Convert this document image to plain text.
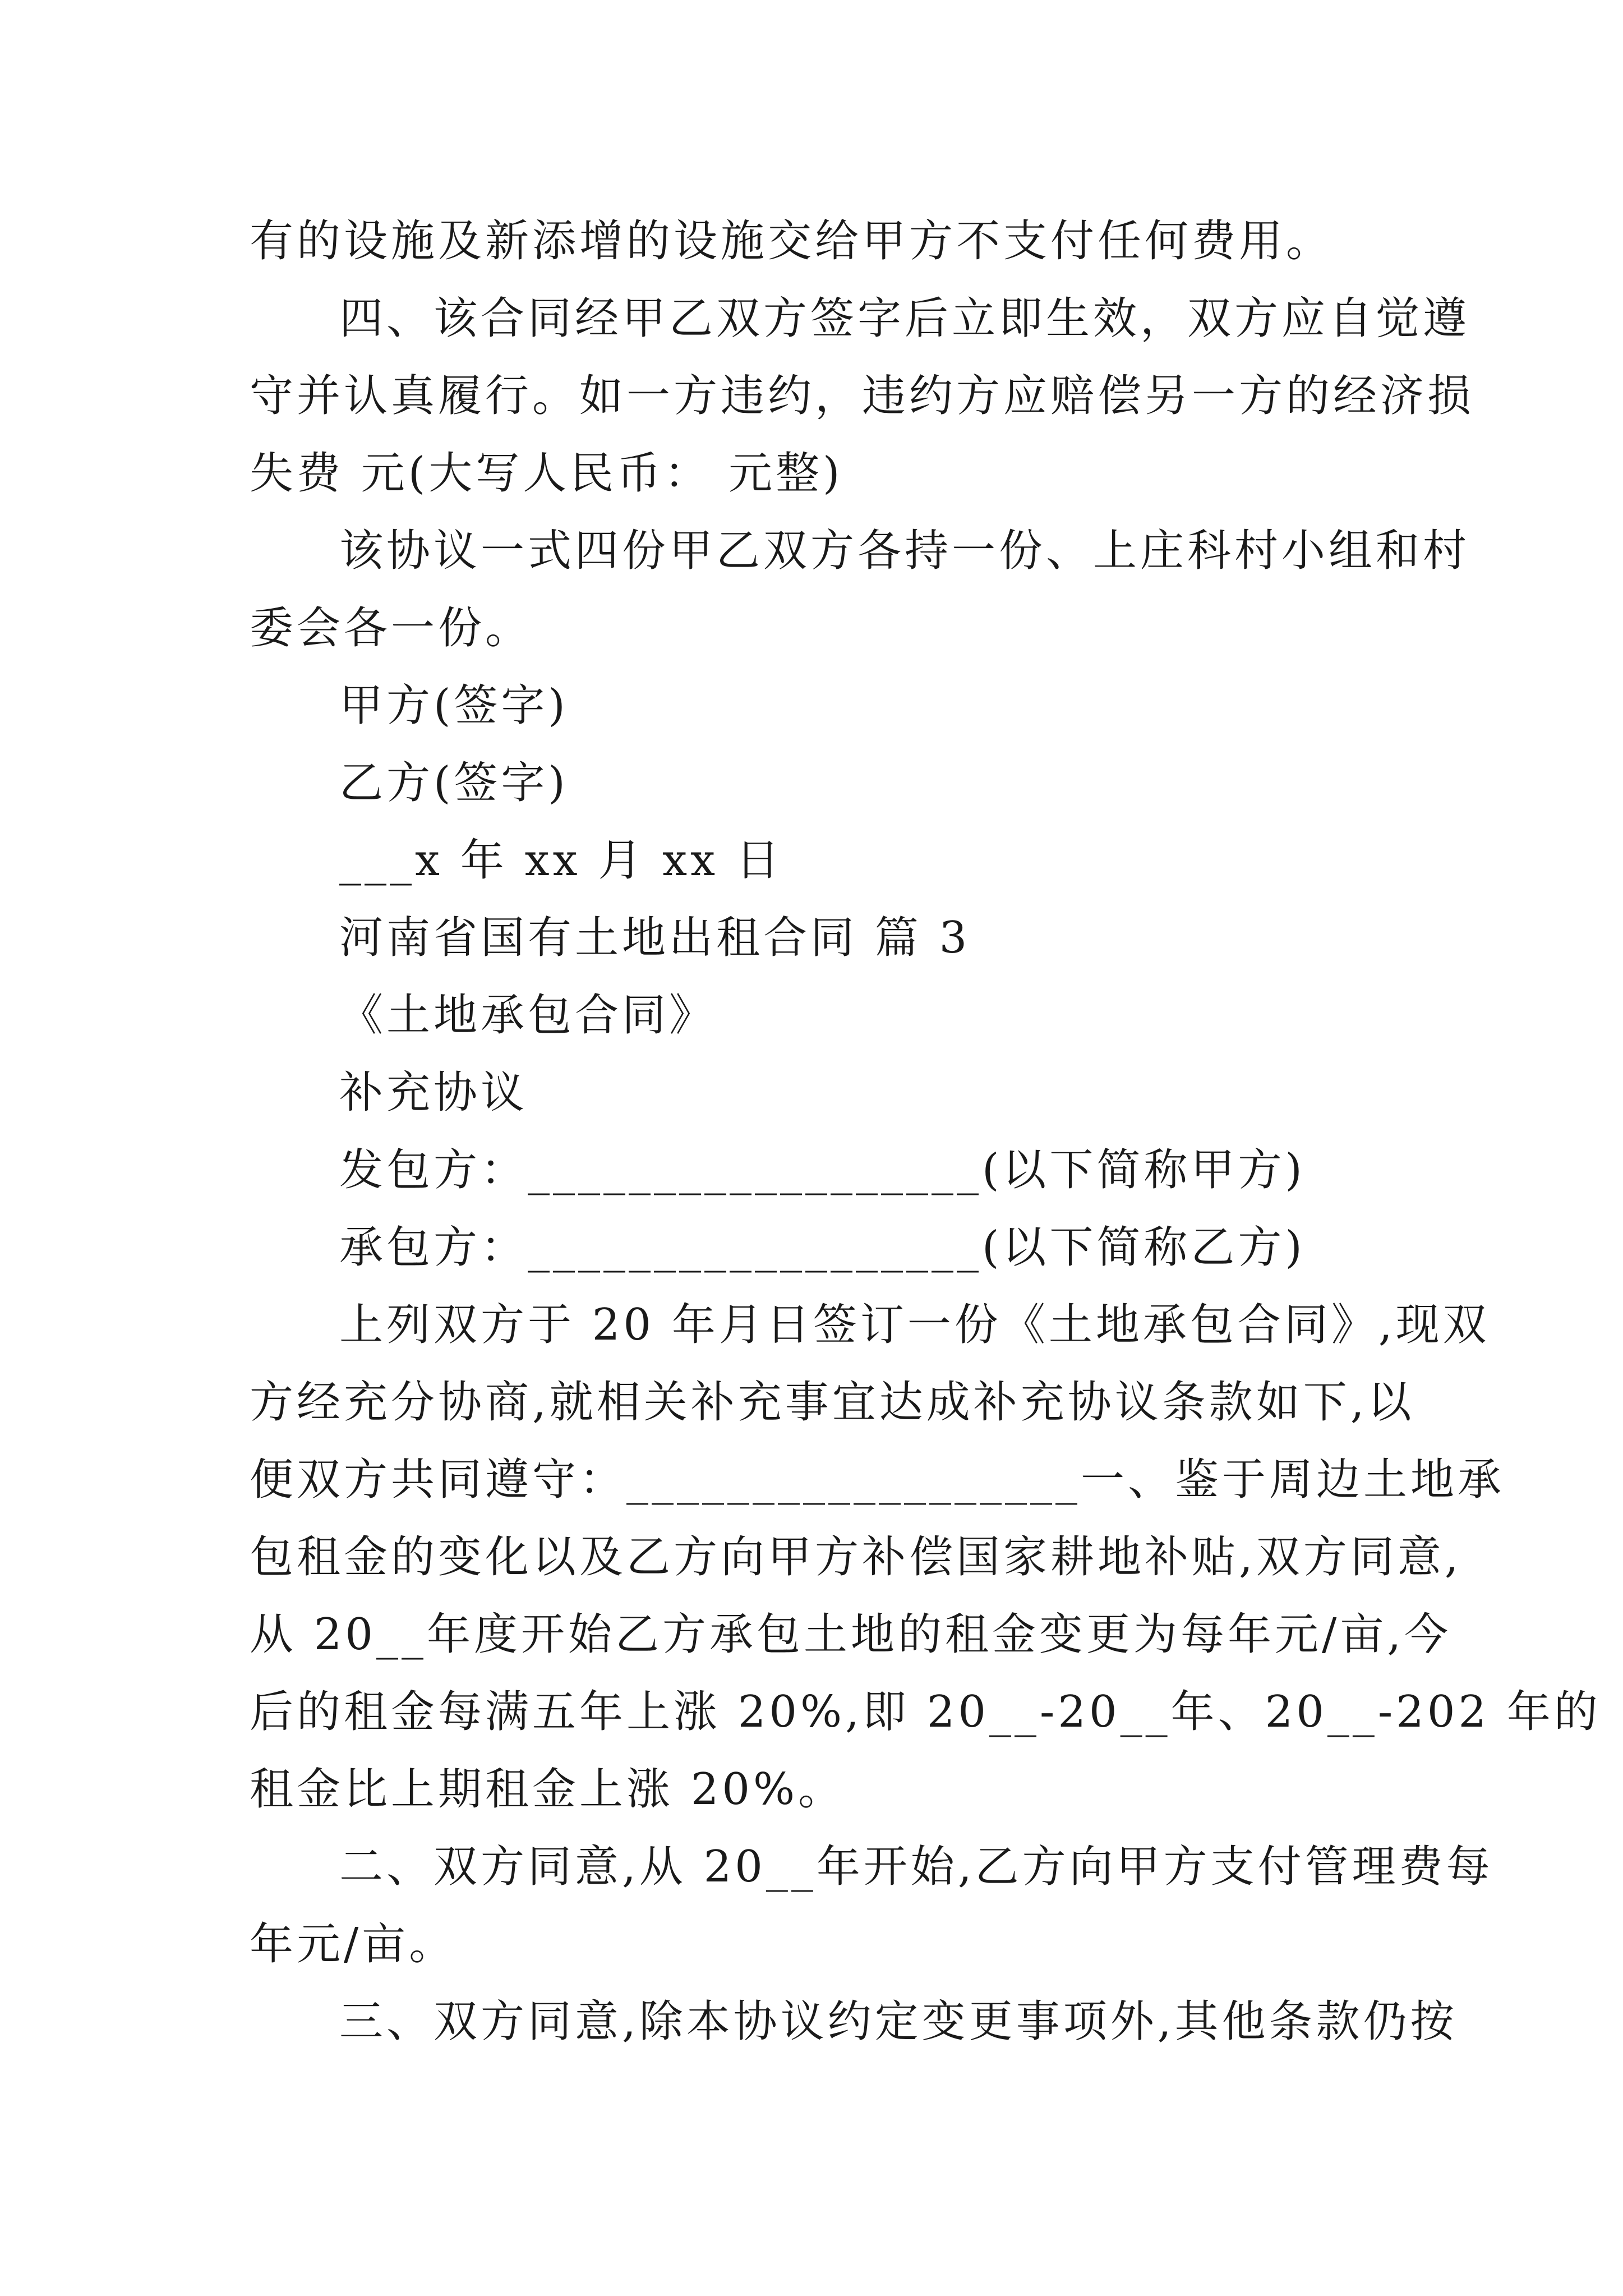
有的设施及新添增的设施交给甲方不支付任何费用。
四、该合同经甲乙双方签字后立即生效，双方应自觉遵
守并认真履行。如一方违约，违约方应赔偿另一方的经济损
失费 元(大写人民币： 元整)
该协议一式四份甲乙双方各持一份、上庄科村小组和村
委会各一份。
甲方(签字)
乙方(签字)
___x 年 xx 月 xx 日
河南省国有土地出租合同 篇 3
《土地承包合同》
补充协议
发包方：__________________(以下简称甲方)
承包方：__________________(以下简称乙方)
上列双方于 20 年月日签订一份《土地承包合同》,现双
方经充分协商,就相关补充事宜达成补充协议条款如下,以
便双方共同遵守：__________________一、鉴于周边土地承
包租金的变化以及乙方向甲方补偿国家耕地补贴,双方同意,
从 20__年度开始乙方承包土地的租金变更为每年元/亩,今
后的租金每满五年上涨 20%,即 20__-20__年、20__-202 年的
租金比上期租金上涨 20%。
二、双方同意,从 20__年开始,乙方向甲方支付管理费每
年元/亩。
三、双方同意,除本协议约定变更事项外,其他条款仍按
